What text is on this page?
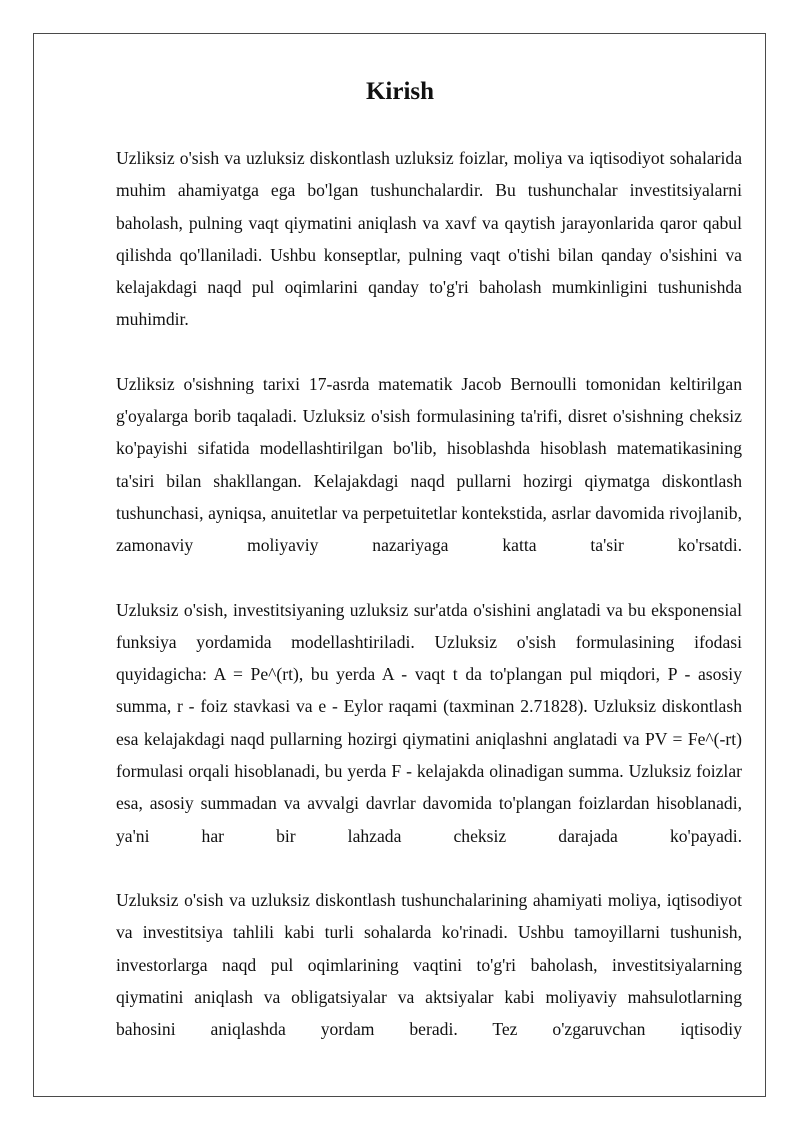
Kirish

Uzliksiz o'sish va uzluksiz diskontlash uzluksiz foizlar, moliya va iqtisodiyot sohalarida muhim ahamiyatga ega bo'lgan tushunchalardir. Bu tushunchalar investitsiyalarni baholash, pulning vaqt qiymatini aniqlash va xavf va qaytish jarayonlarida qaror qabul qilishda qo'llaniladi. Ushbu konseptlar, pulning vaqt o'tishi bilan qanday o'sishini va kelajakdagi naqd pul oqimlarini qanday to'g'ri baholash mumkinligini tushunishda muhimdir.

Uzliksiz o'sishning tarixi 17-asrda matematik Jacob Bernoulli tomonidan keltirilgan g'oyalarga borib taqaladi. Uzluksiz o'sish formulasining ta'rifi, disret o'sishning cheksiz ko'payishi sifatida modellashtirilgan bo'lib, hisoblashda hisoblash matematikasining ta'siri bilan shakllangan. Kelajakdagi naqd pullarni hozirgi qiymatga diskontlash tushunchasi, ayniqsa, anuitetlar va perpetuitetlar kontekstida, asrlar davomida rivojlanib, zamonaviy moliyaviy nazariyaga katta ta'sir ko'rsatdi.

Uzluksiz o'sish, investitsiyaning uzluksiz sur'atda o'sishini anglatadi va bu eksponensial funksiya yordamida modellashtiriladi. Uzluksiz o'sish formulasining ifodasi quyidagicha: A = Pe^(rt), bu yerda A - vaqt t da to'plangan pul miqdori, P - asosiy summa, r - foiz stavkasi va e - Eylor raqami (taxminan 2.71828). Uzluksiz diskontlash esa kelajakdagi naqd pullarning hozirgi qiymatini aniqlashni anglatadi va PV = Fe^(-rt) formulasi orqali hisoblanadi, bu yerda F - kelajakda olinadigan summa. Uzluksiz foizlar esa, asosiy summadan va avvalgi davrlar davomida to'plangan foizlardan hisoblanadi, ya'ni har bir lahzada cheksiz darajada ko'payadi.

Uzluksiz o'sish va uzluksiz diskontlash tushunchalarining ahamiyati moliya, iqtisodiyot va investitsiya tahlili kabi turli sohalarda ko'rinadi. Ushbu tamoyillarni tushunish, investorlarga naqd pul oqimlarining vaqtini to'g'ri baholash, investitsiyalarning qiymatini aniqlash va obligatsiyalar va aktsiyalar kabi moliyaviy mahsulotlarning bahosini aniqlashda yordam beradi. Tez o'zgaruvchan iqtisodiy
